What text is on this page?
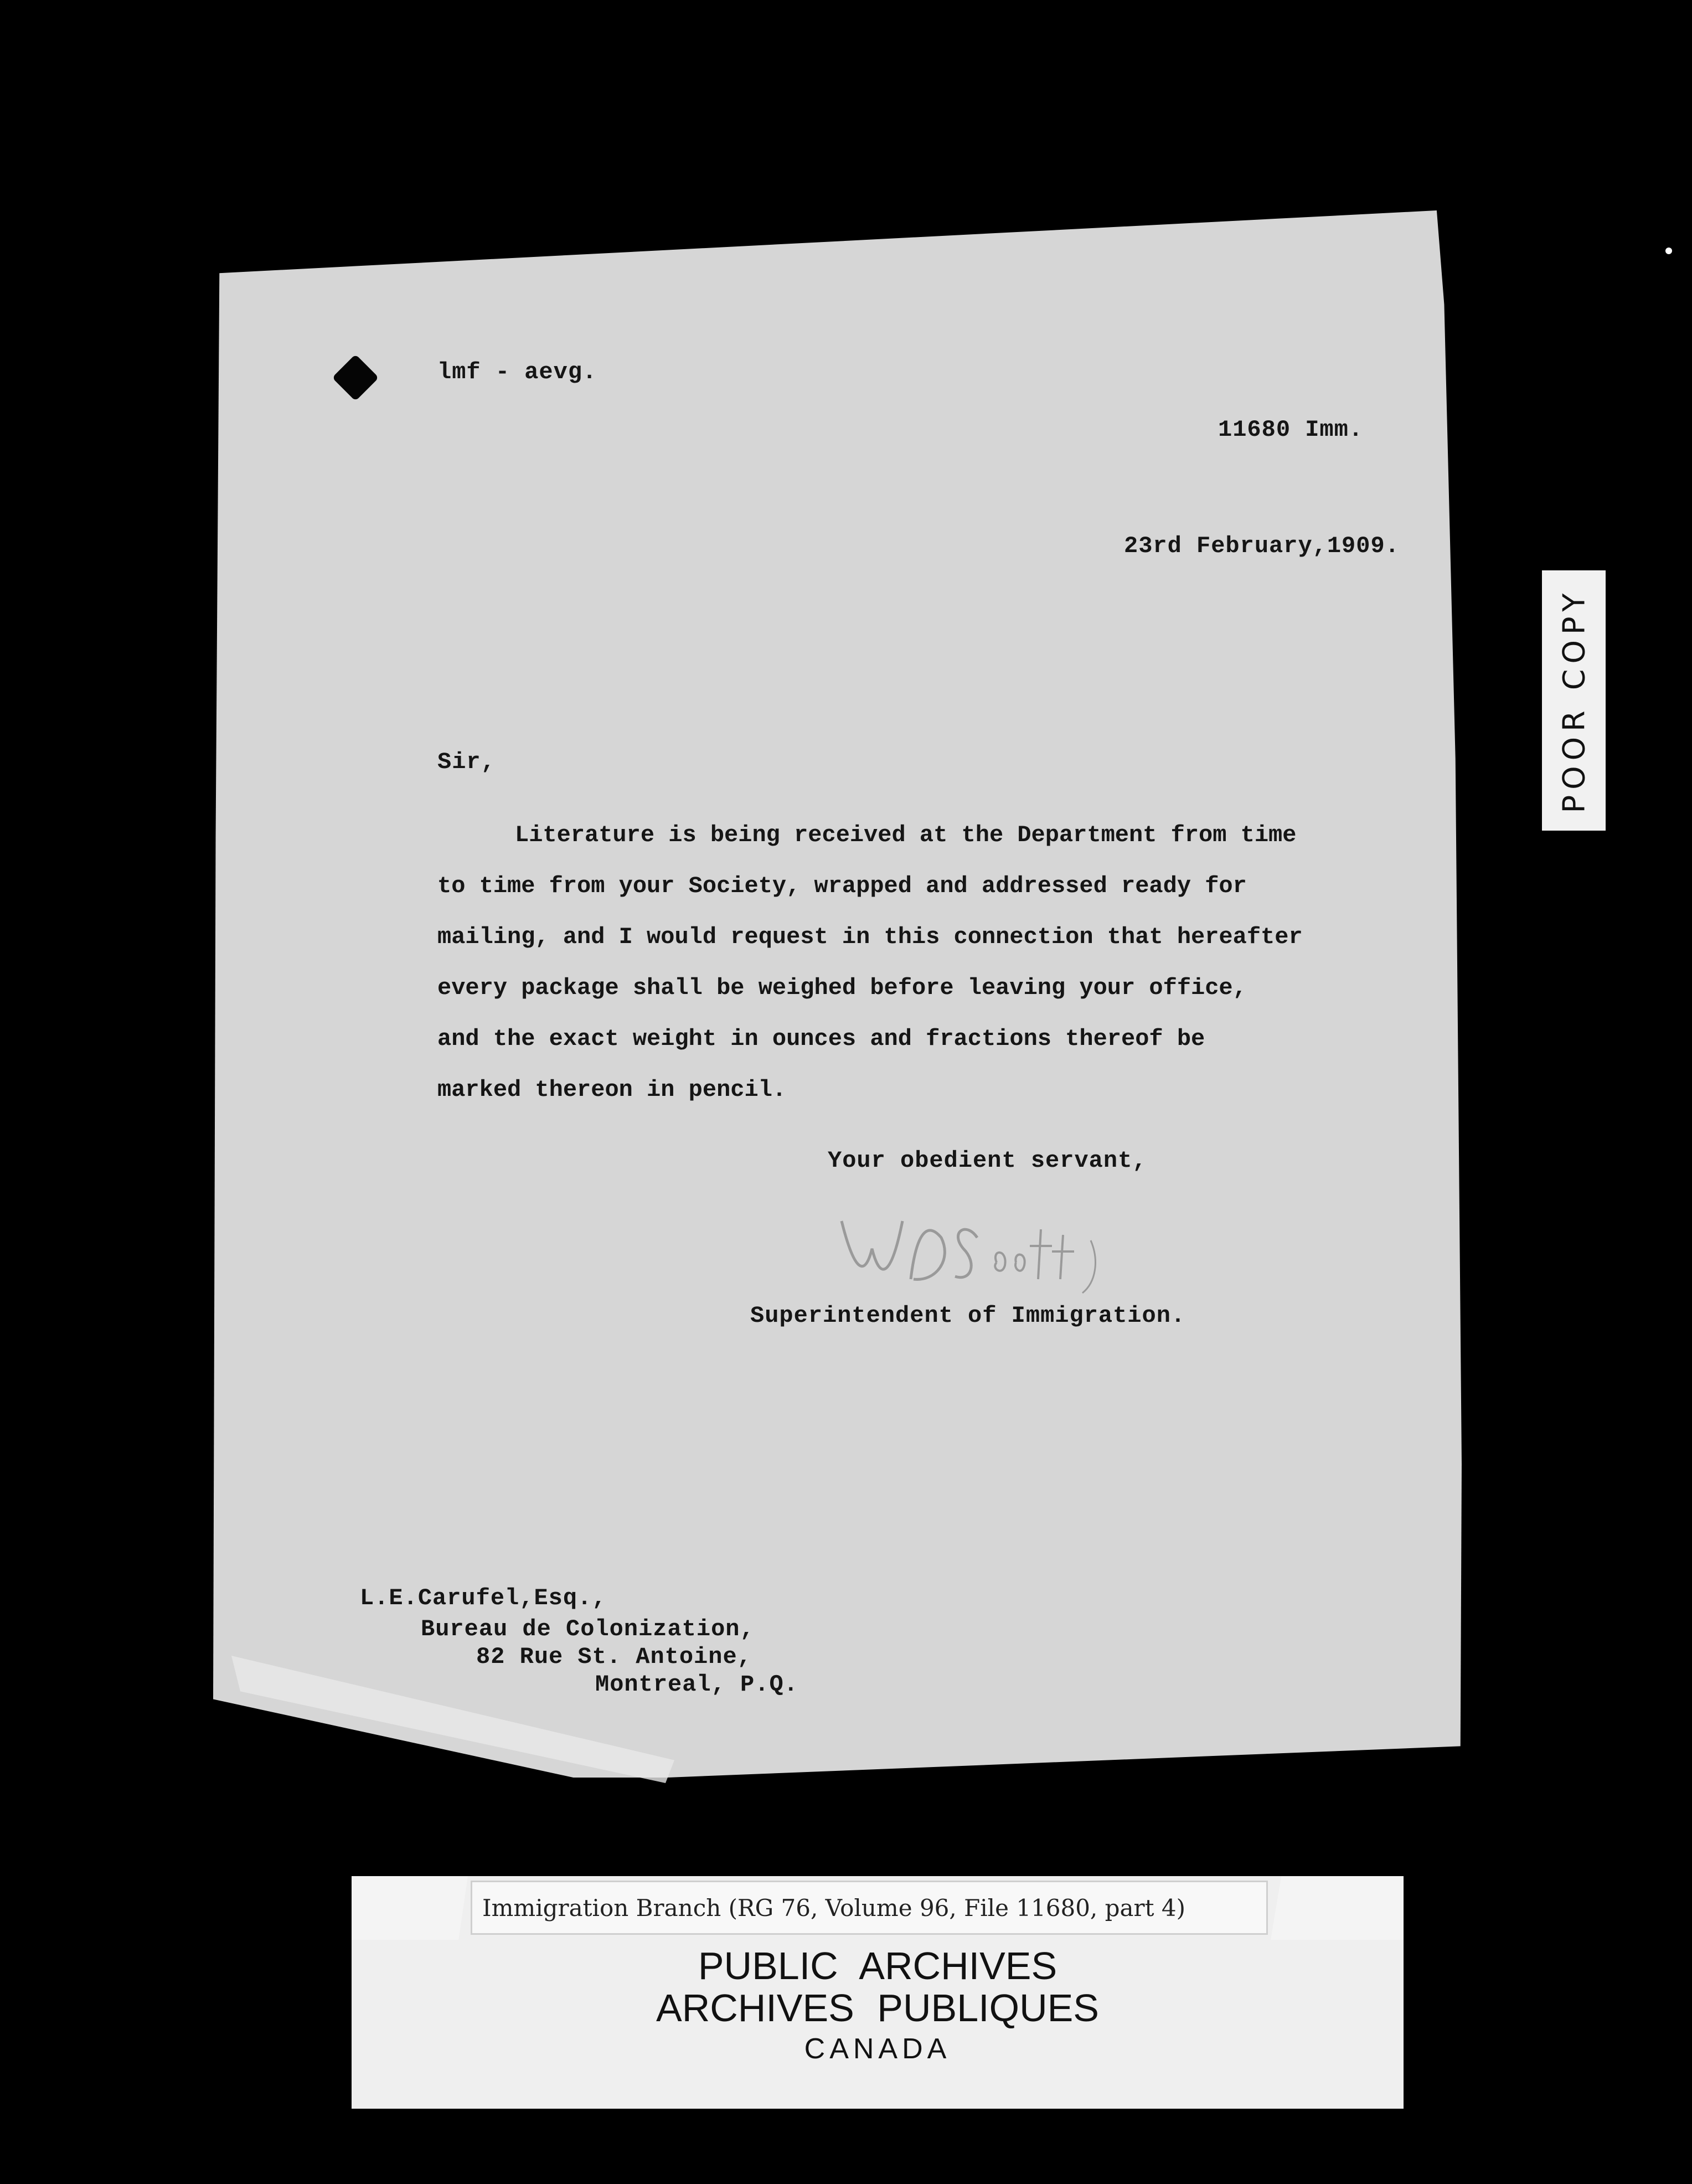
lmf - aevg.
11680 Imm.
23rd February,1909.
Sir,
Literature is being received at the Department from time
to time from your Society, wrapped and addressed ready for
mailing, and I would request in this connection that hereafter
every package shall be weighed before leaving your office,
and the exact weight in ounces and fractions thereof be
marked thereon in pencil.
Your obedient servant,
Superintendent of Immigration.
L.E.Carufel,Esq.,
Bureau de Colonization,
82 Rue St. Antoine,
Montreal, P.Q.
POOR COPY
Immigration Branch (RG 76, Volume 96, File 11680, part 4)
PUBLIC ARCHIVES
ARCHIVES PUBLIQUES
CANADA
